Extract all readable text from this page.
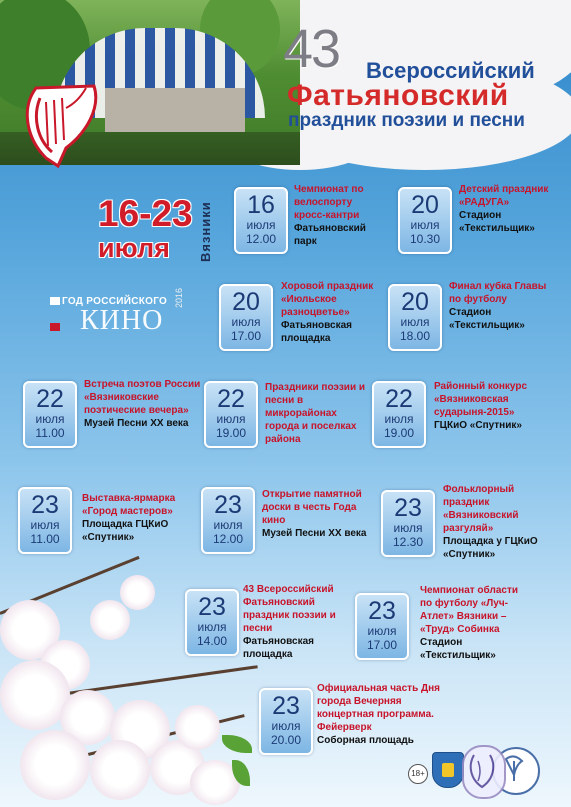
43 Всероссийский
Фатьяновский
праздник поэзии и песни
16-23
июля Вязники
ГОД РОССИЙСКОГО
КИНО
2016
16
июля
12.00
Чемпионат по велоспорту кросс-кантри
Фатьяновский парк
20
июля
10.30
Детский праздник «РАДУГА»
Стадион «Текстильщик»
20
июля
17.00
Хоровой праздник «Июльское разноцветье»
Фатьяновская площадка
20
июля
18.00
Финал кубка Главы по футболу
Стадион «Текстильщик»
22
июля
11.00
Встреча поэтов России «Вязниковские поэтические вечера»
Музей Песни XX века
22
июля
19.00
Праздники поэзии и песни в микрорайонах города и поселках района
22
июля
19.00
Районный конкурс «Вязниковская сударыня-2015»
ГЦКиО «Спутник»
23
июля
11.00
Выставка-ярмарка «Город мастеров»
Площадка ГЦКиО «Спутник»
23
июля
12.00
Открытие памятной доски в честь Года кино
Музей Песни XX века
23
июля
12.30
Фольклорный праздник «Вязниковский разгуляй»
Площадка у ГЦКиО «Спутник»
23
июля
14.00
43 Всероссийский Фатьяновский праздник поэзии и песни
Фатьяновская площадка
23
июля
17.00
Чемпионат области по футболу «Луч-Атлет» Вязники – «Труд» Собинка
Стадион «Текстильщик»
23
июля
20.00
Официальная часть Дня города Вечерняя концертная программа. Фейерверк
Соборная площадь
18+
